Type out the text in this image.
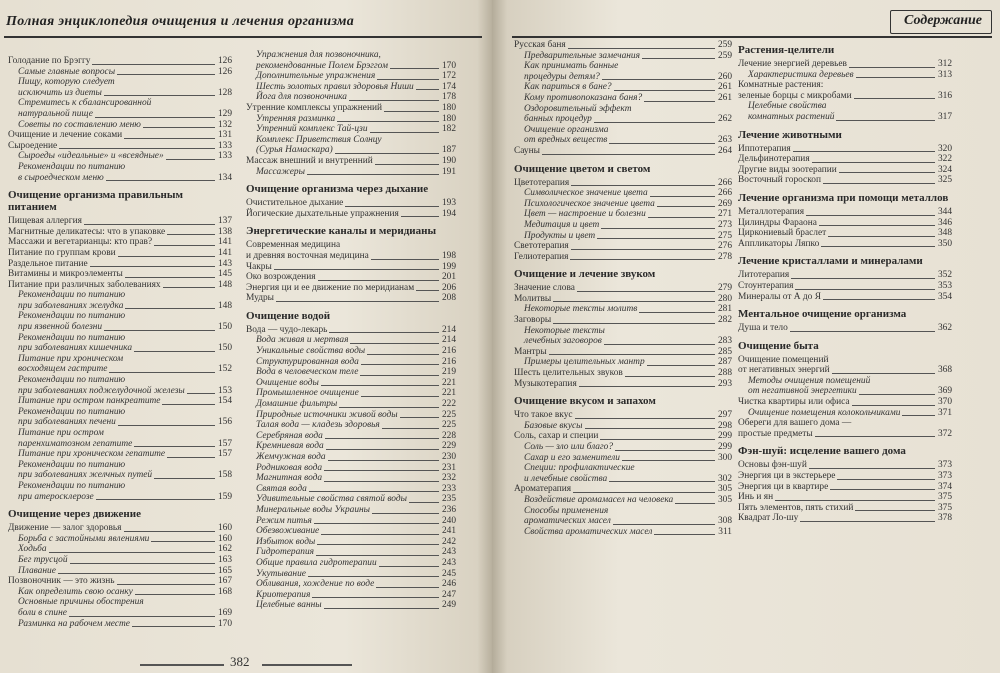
Полная энциклопедия очищения и лечения организма
Голодание по Брэггу	126
Самые главные вопросы	126
Пищу, которую следует
исключить из диеты	128
Стремитесь к сбалансированной
натуральной пище	129
Советы по составлению меню	132
Очищение и лечение соками	131
Сыроедение	133
Сыроеды «идеальные» и «всеядные»	133
Рекомендации по питанию
в сыроедческом меню	134
Очищение организма правильным питанием
Пищевая аллергия	137
Магнитные деликатесы: что в упаковке	138
Массажи и вегетарианцы: кто прав?	141
Питание по группам крови	141
Раздельное питание	143
Витамины и микроэлементы	145
Питание при различных заболеваниях	148
Рекомендации по питанию
при заболеваниях желудка	148
Рекомендации по питанию
при язвенной болезни	150
Рекомендации по питанию
при заболеваниях кишечника	150
Питание при хроническом
восходящем гастрите	152
Рекомендации по питанию
при заболеваниях поджелудочной железы	153
Питание при остром панкреатите	154
Рекомендации по питанию
при заболеваниях печени	156
Питание при остром
паренхиматозном гепатите	157
Питание при хроническом гепатите	157
Рекомендации по питанию
при заболеваниях желчных путей	158
Рекомендации по питанию
при атеросклерозе	159
Очищение через движение
Движение — залог здоровья	160
Борьба с застойными явлениями	160
Ходьба	162
Бег трусцой	163
Плавание	165
Позвоночник — это жизнь	167
Как определить свою осанку	168
Основные причины обострения
боли в спине	169
Разминка на рабочем месте	170
Упражнения для позвоночника,
рекомендованные Полем Брэггом	170
Дополнительные упражнения	172
Шесть золотых правил здоровья Ниши	174
Йога для позвоночника	178
Утренние комплексы упражнений	180
Утренняя разминка	180
Утренний комплекс Тай-цзи	182
Комплекс Приветствия Солнцу
(Сурья Намаскара)	187
Массаж внешний и внутренний	190
Массажеры	191
Очищение организма через дыхание
Очистительное дыхание	193
Йогические дыхательные упражнения	194
Энергетические каналы и меридианы
Современная медицина
и древняя восточная медицина	198
Чакры	199
Око возрождения	201
Энергия ци и ее движение по меридианам	206
Мудры	208
Очищение водой
Вода — чудо-лекарь	214
Вода живая и мертвая	214
Уникальные свойства воды	216
Структурированная вода	216
Вода в человеческом теле	219
Очищение воды	221
Промышленное очищение	221
Домашние фильтры	222
Природные источники живой воды	225
Талая вода — кладезь здоровья	225
Серебряная вода	228
Кремниевая вода	229
Жемчужная вода	230
Родниковая вода	231
Магнитная вода	232
Святая вода	233
Удивительные свойства святой воды	235
Минеральные воды Украины	236
Режим питья	240
Обезвоживание	241
Избыток воды	242
Гидротерапия	243
Общие правила гидротерапии	243
Укутывание	245
Обливания, хождение по воде	246
Криотерапия	247
Целебные ванны	249
382
Содержание
Русская баня	259
Предварительные замечания	259
Как принимать банные
процедуры детям?	260
Как париться в бане?	261
Кому противопоказана баня?	261
Оздоровительный эффект
банных процедур	262
Очищение организма
от вредных веществ	263
Сауны	264
Очищение цветом и светом
Цветотерапия	266
Символическое значение цвета	266
Психологическое значение цвета	269
Цвет — настроение и болезни	271
Медитация и цвет	273
Продукты и цвет	275
Светотерапия	276
Гелиотерапия	278
Очищение и лечение звуком
Значение слова	279
Молитвы	280
Некоторые тексты молитв	281
Заговоры	282
Некоторые тексты
лечебных заговоров	283
Мантры	285
Примеры целительных мантр	287
Шесть целительных звуков	288
Музыкотерапия	293
Очищение вкусом и запахом
Что такое вкус	297
Базовые вкусы	298
Соль, сахар и специи	299
Соль — зло или благо?	299
Сахар и его заменители	300
Специи: профилактические
и лечебные свойства	302
Ароматерапия	305
Воздействие аромамасел на человека	305
Способы применения
ароматических масел	308
Свойства ароматических масел	311
Растения-целители
Лечение энергией деревьев	312
Характеристика деревьев	313
Комнатные растения:
зеленые борцы с микробами	316
Целебные свойства
комнатных растений	317
Лечение животными
Иппотерапия	320
Дельфинотерапия	322
Другие виды зоотерапии	324
Восточный гороскоп	325
Лечение организма при помощи металлов
Металлотерапия	344
Цилиндры Фараона	346
Циркониевый браслет	348
Аппликаторы Ляпко	350
Лечение кристаллами и минералами
Литотерапия	352
Стоунтерапия	353
Минералы от А до Я	354
Ментальное очищение организма
Душа и тело	362
Очищение быта
Очищение помещений
от негативных энергий	368
Методы очищения помещений
от негативной энергетики	369
Чистка квартиры или офиса	370
Очищение помещения колокольчиками	371
Обереги для вашего дома —
простые предметы	372
Фэн-шуй: исцеление вашего дома
Основы фэн-шуй	373
Энергия ци в экстерьере	373
Энергия ци в квартире	374
Инь и ян	375
Пять элементов, пять стихий	375
Квадрат Ло-шу	378
